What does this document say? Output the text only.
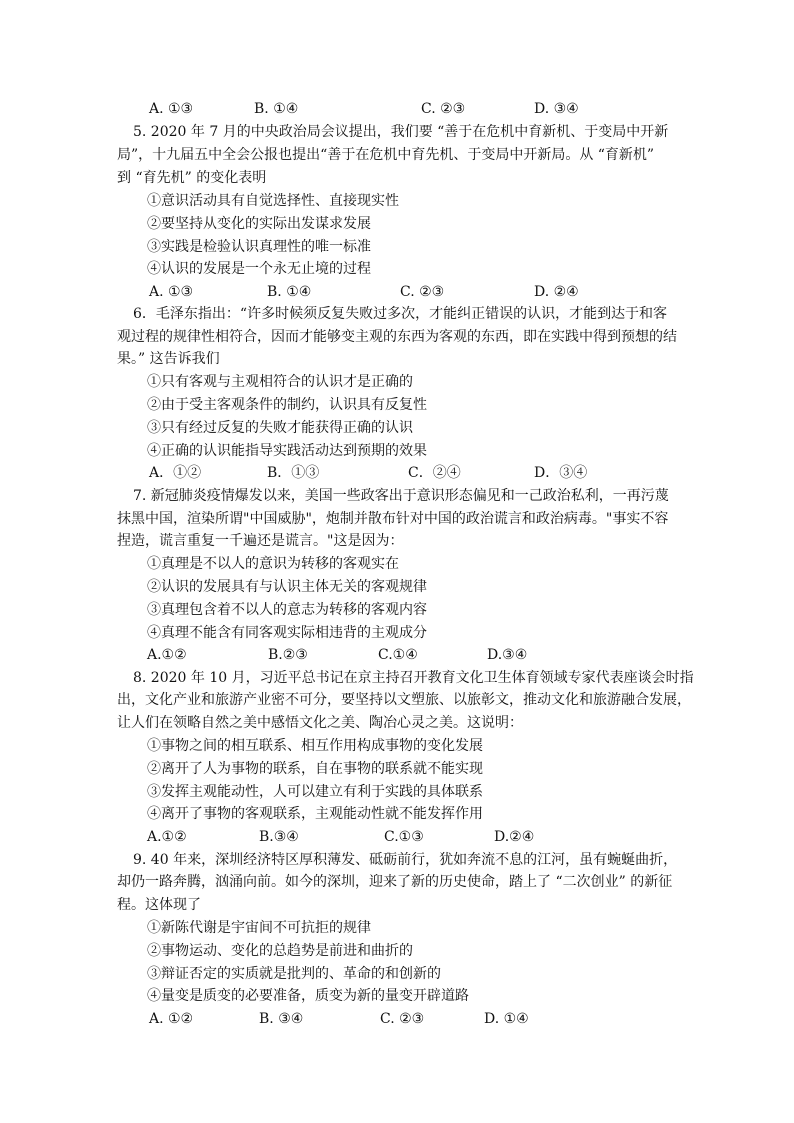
A. ①③	B. ①④	C. ②③	D. ③④
5. 2020 年 7 月的中央政治局会议提出，我们要 “善于在危机中育新机、于变局中开新
局”，十九届五中全会公报也提出“善于在危机中育先机、于变局中开新局。从 “育新机”
到 “育先机” 的变化表明
①意识活动具有自觉选择性、直接现实性
②要坚持从变化的实际出发谋求发展
③实践是检验认识真理性的唯一标准
④认识的发展是一个永无止境的过程
A. ①③	B. ①④	C. ②③	D. ②④
6．毛泽东指出：“许多时候须反复失败过多次，才能纠正错误的认识，才能到达于和客
观过程的规律性相符合，因而才能够变主观的东西为客观的东西，即在实践中得到预想的结
果。” 这告诉我们
①只有客观与主观相符合的认识才是正确的
②由于受主客观条件的制约，认识具有反复性
③只有经过反复的失败才能获得正确的认识
④正确的认识能指导实践活动达到预期的效果
A．①②	B．①③	C．②④	D．③④
7. 新冠肺炎疫情爆发以来，美国一些政客出于意识形态偏见和一己政治私利，一再污蔑
抹黑中国，渲染所谓"中国威胁"，炮制并散布针对中国的政治谎言和政治病毒。"事实不容
捏造，谎言重复一千遍还是谎言。"这是因为：
①真理是不以人的意识为转移的客观实在
②认识的发展具有与认识主体无关的客观规律
③真理包含着不以人的意志为转移的客观内容
④真理不能含有同客观实际相违背的主观成分
A.①②	B.②③	C.①④	D.③④
8. 2020 年 10 月，习近平总书记在京主持召开教育文化卫生体育领域专家代表座谈会时指
出，文化产业和旅游产业密不可分，要坚持以文塑旅、以旅彰文，推动文化和旅游融合发展，
让人们在领略自然之美中感悟文化之美、陶冶心灵之美。这说明：
①事物之间的相互联系、相互作用构成事物的变化发展
②离开了人为事物的联系，自在事物的联系就不能实现
③发挥主观能动性，人可以建立有利于实践的具体联系
④离开了事物的客观联系，主观能动性就不能发挥作用
A.①②	B.③④	C.①③	D.②④
9. 40 年来，深圳经济特区厚积薄发、砥砺前行，犹如奔流不息的江河，虽有蜿蜒曲折，
却仍一路奔腾，汹涌向前。如今的深圳，迎来了新的历史使命，踏上了 “二次创业” 的新征
程。这体现了
①新陈代谢是宇宙间不可抗拒的规律
②事物运动、变化的总趋势是前进和曲折的
③辩证否定的实质就是批判的、革命的和创新的
④量变是质变的必要准备，质变为新的量变开辟道路
A. ①②	B. ③④	C. ②③	D. ①④
